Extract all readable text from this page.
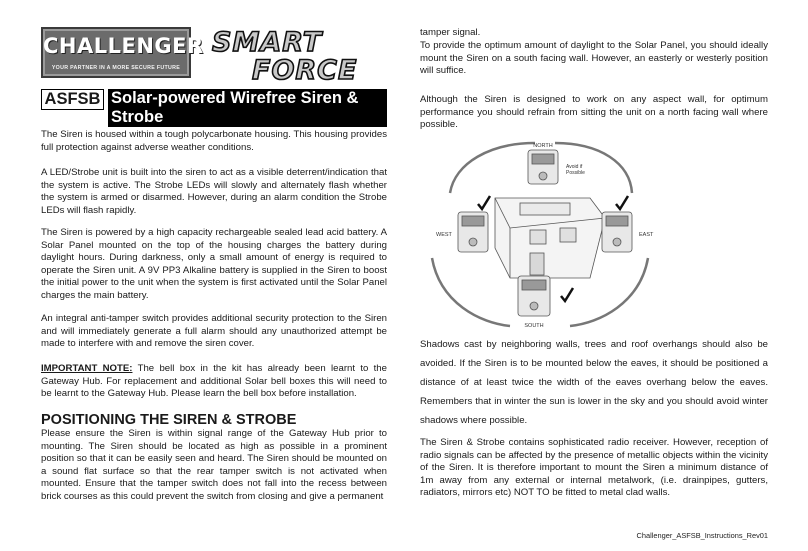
CHALLENGER
YOUR PARTNER IN A MORE SECURE FUTURE
SMART
FORCE
ASFSB Solar-powered Wirefree Siren & Strobe
The Siren is housed within a tough polycarbonate housing. This housing provides full protection against adverse weather conditions.
A LED/Strobe unit is built into the siren to act as a visible deterrent/indication that the system is active. The Strobe LEDs will slowly and alternately flash whether the system is armed or disarmed. However, during an alarm condition the Strobe LEDs will flash rapidly.
The Siren is powered by a high capacity rechargeable sealed lead acid battery. A Solar Panel mounted on the top of the housing charges the battery during daylight hours. During darkness, only a small amount of energy is required to operate the Siren unit. A 9V PP3 Alkaline battery is supplied in the Siren to boost the initial power to the unit when the system is first activated until the Solar Panel charges the main battery.
An integral anti-tamper switch provides additional security protection to the Siren and will immediately generate a full alarm should any unauthorized attempt be made to interfere with and remove the siren cover.
IMPORTANT NOTE: The bell box in the kit has already been learnt to the Gateway Hub. For replacement and additional Solar bell boxes this will need to be learnt to the Gateway Hub. Please learn the bell box before installation.
POSITIONING THE SIREN & STROBE
Please ensure the Siren is within signal range of the Gateway Hub prior to mounting. The Siren should be located as high as possible in a prominent position so that it can be easily seen and heard. The Siren should be mounted on a sound flat surface so that the rear tamper switch is not activated when mounted. Ensure that the tamper switch does not fall into the recess between brick courses as this could prevent the switch from closing and give a permanent
tamper signal.
To provide the optimum amount of daylight to the Solar Panel, you should ideally mount the Siren on a south facing wall. However, an easterly or westerly position will suffice.
Although the Siren is designed to work on any aspect wall, for optimum performance you should refrain from sitting the unit on a north facing wall where possible.
NORTH
Avoid if
Possible
WEST	EAST
SOUTH
Shadows cast by neighboring walls, trees and roof overhangs should also be avoided. If the Siren is to be mounted below the eaves, it should be positioned a distance of at least twice the width of the eaves overhang below the eaves. Remembers that in winter the sun is lower in the sky and you should avoid winter shadows where possible.
The Siren & Strobe contains sophisticated radio receiver. However, reception of radio signals can be affected by the presence of metallic objects within the vicinity of the Siren. It is therefore important to mount the Siren a minimum distance of 1m away from any external or internal metalwork, (i.e. drainpipes, gutters, radiators, mirrors etc) NOT TO be fitted to metal clad walls.
Challenger_ASFSB_Instructions_Rev01
